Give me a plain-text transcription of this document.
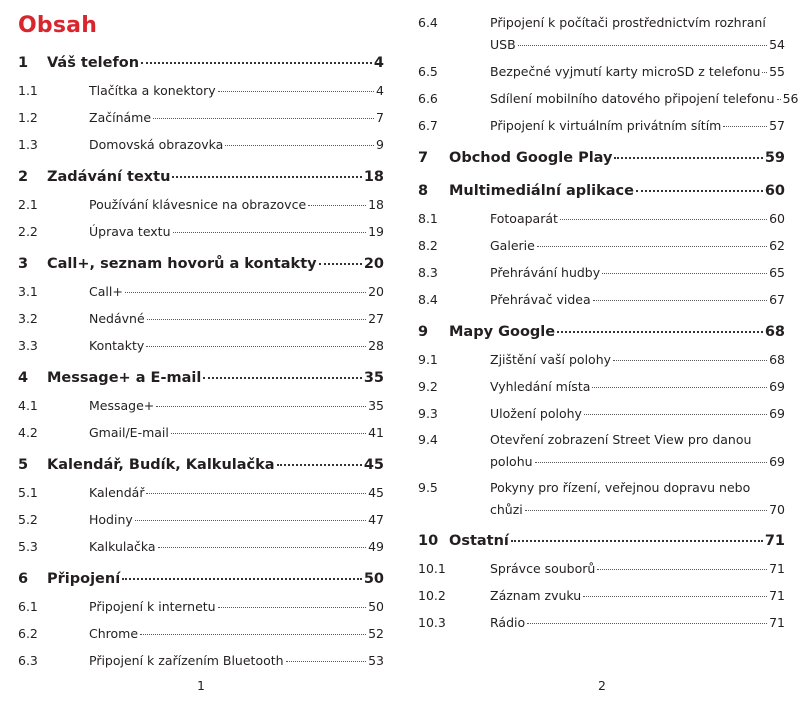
Obsah
1	Váš telefon	4
1.1	Tlačítka a konektory	4
1.2	Začínáme	7
1.3	Domovská obrazovka	9
2	Zadávání textu	18
2.1	Používání klávesnice na obrazovce	18
2.2	Úprava textu	19
3	Call+, seznam hovorů a kontakty	20
3.1	Call+	20
3.2	Nedávné	27
3.3	Kontakty	28
4	Message+ a E-mail	35
4.1	Message+	35
4.2	Gmail/E-mail	41
5	Kalendář, Budík, Kalkulačka	45
5.1	Kalendář	45
5.2	Hodiny	47
5.3	Kalkulačka	49
6	Připojení	50
6.1	Připojení k internetu	50
6.2	Chrome	52
6.3	Připojení k zařízením Bluetooth	53
1
6.4	Připojení k počítači prostřednictvím rozhraní
USB	54
6.5	Bezpečné vyjmutí karty microSD z telefonu 55
6.6	Sdílení mobilního datového připojení telefonu 56
6.7	Připojení k virtuálním privátním sítím	57
7	Obchod Google Play	59
8	Multimediální aplikace	60
8.1	Fotoaparát	60
8.2	Galerie	62
8.3	Přehrávání hudby	65
8.4	Přehrávač videa	67
9	Mapy Google	68
9.1	Zjištění vaší polohy	68
9.2	Vyhledání místa	69
9.3	Uložení polohy	69
9.4	Otevření zobrazení Street View pro danou
polohu	69
9.5	Pokyny pro řízení, veřejnou dopravu nebo
chůzi	70
10 Ostatní	71
10.1	Správce souborů	71
10.2	Záznam zvuku	71
10.3	Rádio	71
2
